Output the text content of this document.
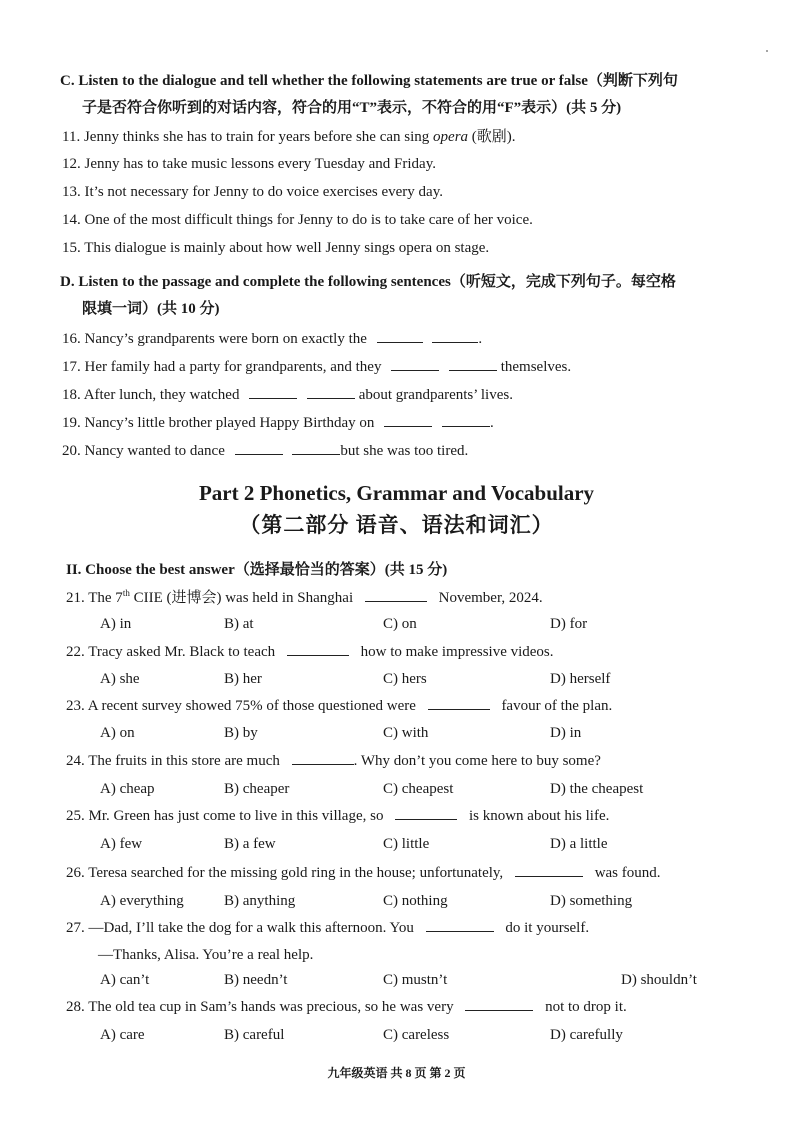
C. Listen to the dialogue and tell whether the following statements are true or false（判断下列句
子是否符合你听到的对话内容，符合的用“T”表示，不符合的用“F”表示）(共 5 分)
11. Jenny thinks she has to train for years before she can sing opera (歌剧).
12. Jenny has to take music lessons every Tuesday and Friday.
13. It’s not necessary for Jenny to do voice exercises every day.
14. One of the most difficult things for Jenny to do is to take care of her voice.
15. This dialogue is mainly about how well Jenny sings opera on stage.
D. Listen to the passage and complete the following sentences（听短文，完成下列句子。每空格
限填一词）(共 10 分)
16. Nancy’s grandparents were born on exactly the	.
17. Her family had a party for grandparents, and they	themselves.
18. After lunch, they watched	about grandparents’ lives.
19. Nancy’s little brother played Happy Birthday on	.
20. Nancy wanted to dance	but she was too tired.
Part 2 Phonetics, Grammar and Vocabulary
（第二部分 语音、语法和词汇）
II. Choose the best answer（选择最恰当的答案）(共 15 分)
21. The 7th CIIE (进博会) was held in Shanghai	November, 2024.
A) in	B) at	C) on	D) for
22. Tracy asked Mr. Black to teach	how to make impressive videos.
A) she	B) her	C) hers	D) herself
23. A recent survey showed 75% of those questioned were	favour of the plan.
A) on	B) by	C) with	D) in
24. The fruits in this store are much	. Why don’t you come here to buy some?
A) cheap	B) cheaper	C) cheapest	D) the cheapest
25. Mr. Green has just come to live in this village, so	is known about his life.
A) few	B) a few	C) little	D) a little
26. Teresa searched for the missing gold ring in the house; unfortunately,	was found.
A) everything	B) anything	C) nothing	D) something
27. —Dad, I’ll take the dog for a walk this afternoon. You	do it yourself.
—Thanks, Alisa. You’re a real help.
A) can’t	B) needn’t	C) mustn’t	D) shouldn’t
28. The old tea cup in Sam’s hands was precious, so he was very	not to drop it.
A) care	B) careful	C) careless	D) carefully
九年级英语 共 8 页 第 2 页
